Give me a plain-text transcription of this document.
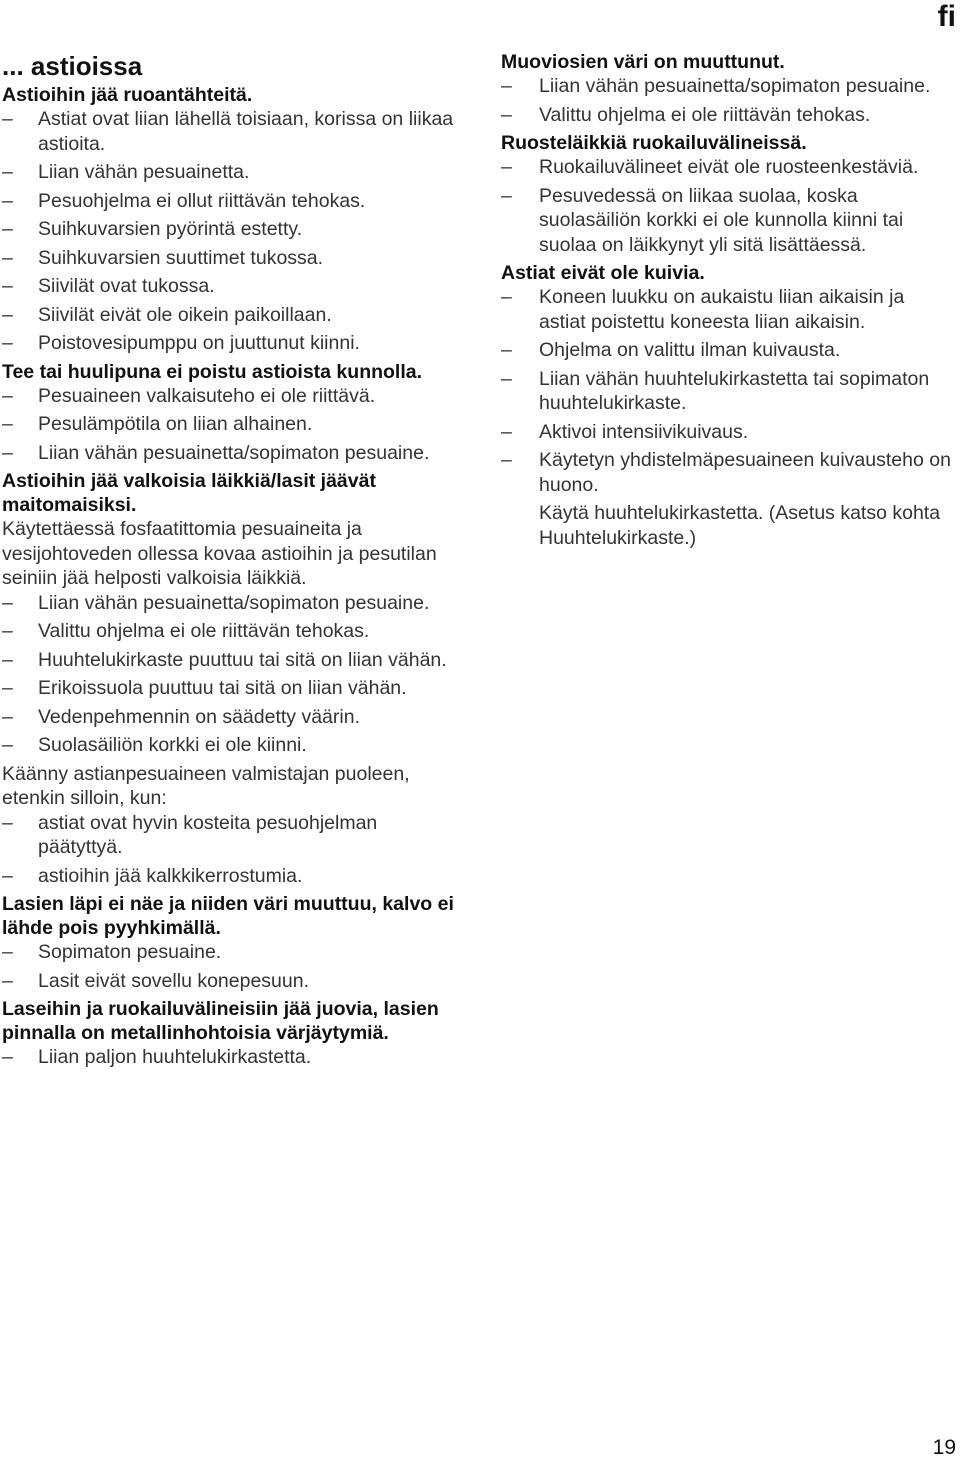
fi
... astioissa
Astioihin jää ruoantähteitä.
– Astiat ovat liian lähellä toisiaan, korissa on liikaa astioita.
– Liian vähän pesuainetta.
– Pesuohjelma ei ollut riittävän tehokas.
– Suihkuvarsien pyörintä estetty.
– Suihkuvarsien suuttimet tukossa.
– Siivilät ovat tukossa.
– Siivilät eivät ole oikein paikoillaan.
– Poistovesipumppu on juuttunut kiinni.
Tee tai huulipuna ei poistu astioista kunnolla.
– Pesuaineen valkaisuteho ei ole riittävä.
– Pesulämpötila on liian alhainen.
– Liian vähän pesuainetta/sopimaton pesuaine.
Astioihin jää valkoisia läikkiä/lasit jäävät maitomaisiksi.
Käytettäessä fosfaatittomia pesuaineita ja vesijohtoveden ollessa kovaa astioihin ja pesutilan seiniin jää helposti valkoisia läikkiä.
– Liian vähän pesuainetta/sopimaton pesuaine.
– Valittu ohjelma ei ole riittävän tehokas.
– Huuhtelukirkaste puuttuu tai sitä on liian vähän.
– Erikoissuola puuttuu tai sitä on liian vähän.
– Vedenpehmennin on säädetty väärin.
– Suolasäiliön korkki ei ole kiinni.
Käänny astianpesuaineen valmistajan puoleen, etenkin silloin, kun:
– astiat ovat hyvin kosteita pesuohjelman päätyttyä.
– astioihin jää kalkkikerrostumia.
Lasien läpi ei näe ja niiden väri muuttuu, kalvo ei lähde pois pyyhkimällä.
– Sopimaton pesuaine.
– Lasit eivät sovellu konepesuun.
Laseihin ja ruokailuvälineisiin jää juovia, lasien pinnalla on metallinhohtoisia värjäytymiä.
– Liian paljon huuhtelukirkastetta.
Muoviosien väri on muuttunut.
– Liian vähän pesuainetta/sopimaton pesuaine.
– Valittu ohjelma ei ole riittävän tehokas.
Ruosteläikkiä ruokailuvälineissä.
– Ruokailuvälineet eivät ole ruosteenkestäviä.
– Pesuvedessä on liikaa suolaa, koska suolasäiliön korkki ei ole kunnolla kiinni tai suolaa on läikkynyt yli sitä lisättäessä.
Astiat eivät ole kuivia.
– Koneen luukku on aukaistu liian aikaisin ja astiat poistettu koneesta liian aikaisin.
– Ohjelma on valittu ilman kuivausta.
– Liian vähän huuhtelukirkastetta tai sopimaton huuhtelukirkaste.
– Aktivoi intensiivikuivaus.
– Käytetyn yhdistelmäpesuaineen kuivausteho on huono.
Käytä huuhtelukirkastetta. (Asetus katso kohta Huuhtelukirkaste.)
19
